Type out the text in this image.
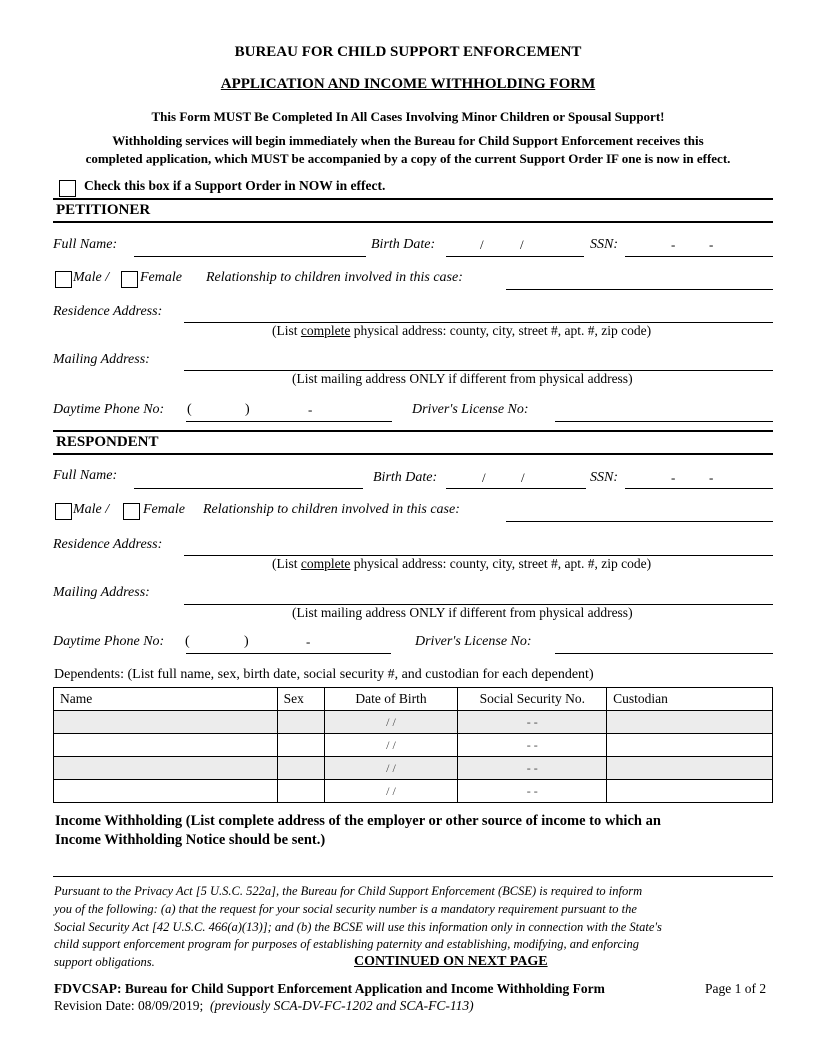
BUREAU FOR CHILD SUPPORT ENFORCEMENT
APPLICATION AND INCOME WITHHOLDING FORM
This Form MUST Be Completed In All Cases Involving Minor Children or Spousal Support!
Withholding services will begin immediately when the Bureau for Child Support Enforcement receives this
completed application, which MUST be accompanied by a copy of the current Support Order IF one is now in effect.
Check this box if a Support Order in NOW in effect.
PETITIONER
Full Name:	Birth Date:	/	/	SSN:	-	-
Male / Female Relationship to children involved in this case:
Residence Address:
(List complete physical address: county, city, street #, apt. #, zip code)
Mailing Address:
(List mailing address ONLY if different from physical address)
Daytime Phone No: (	)	-	Driver's License No:
RESPONDENT
Full Name:	Birth Date:	/	/	SSN:	-	-
Male / Female Relationship to children involved in this case:
Residence Address:
(List complete physical address: county, city, street #, apt. #, zip code)
Mailing Address:
(List mailing address ONLY if different from physical address)
Daytime Phone No: (	)	-	Driver's License No:
Dependents: (List full name, sex, birth date, social security #, and custodian for each dependent)
Name	Sex	Date of Birth	Social Security No.	Custodian
		/ /	- -	
		/ /	- -	
		/ /	- -	
		/ /	- -	
Income Withholding (List complete address of the employer or other source of income to which an
Income Withholding Notice should be sent.)
Pursuant to the Privacy Act [5 U.S.C. 522a], the Bureau for Child Support Enforcement (BCSE) is required to inform
you of the following: (a) that the request for your social security number is a mandatory requirement pursuant to the
Social Security Act [42 U.S.C. 466(a)(13)]; and (b) the BCSE will use this information only in connection with the State's
child support enforcement program for purposes of establishing paternity and establishing, modifying, and enforcing
support obligations.	CONTINUED ON NEXT PAGE
FDVCSAP: Bureau for Child Support Enforcement Application and Income Withholding Form	Page 1 of 2
Revision Date: 08/09/2019; (previously SCA-DV-FC-1202 and SCA-FC-113)
